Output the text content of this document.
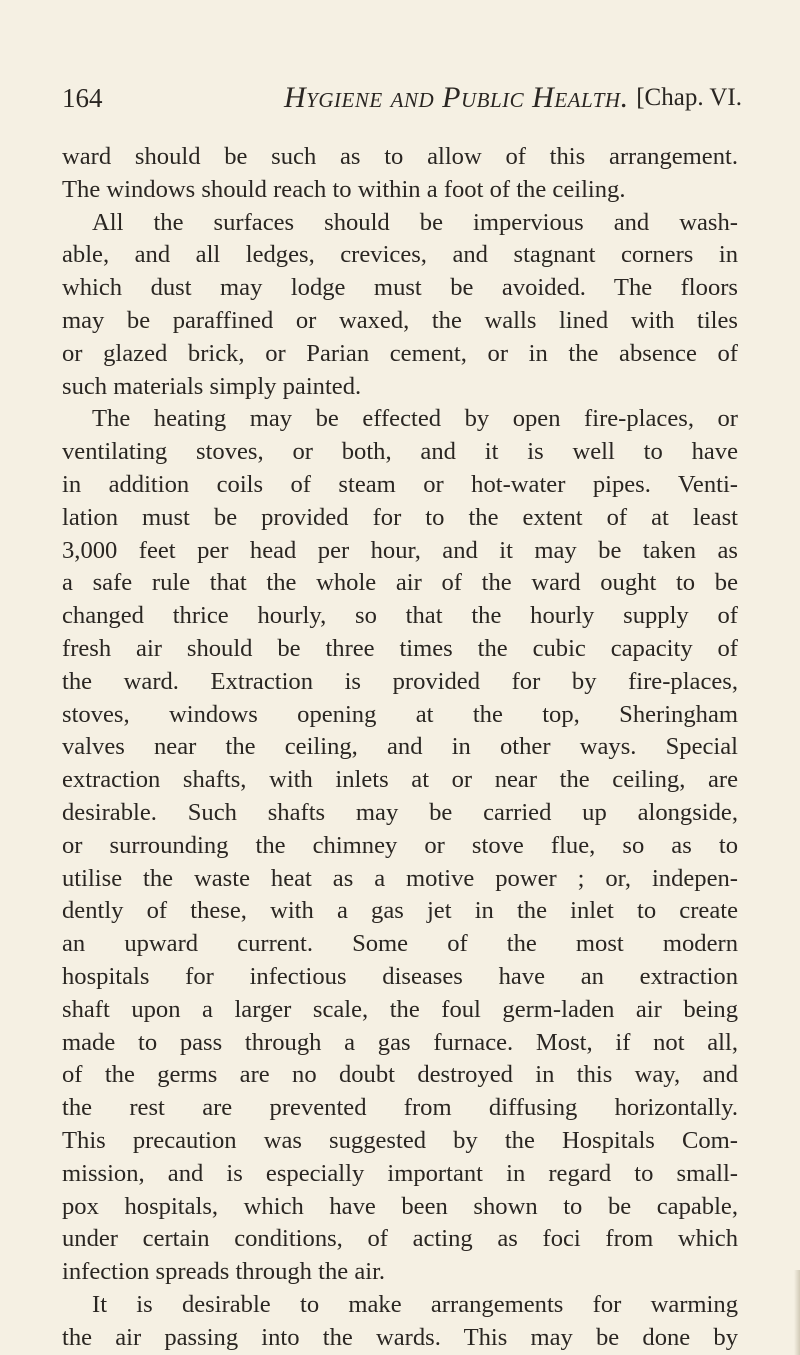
164	Hygiene and Public Health. [Chap. VI.
ward should be such as to allow of this arrangement.
The windows should reach to within a foot of the ceiling.
All the surfaces should be impervious and wash-
able, and all ledges, crevices, and stagnant corners in
which dust may lodge must be avoided. The floors
may be paraffined or waxed, the walls lined with tiles
or glazed brick, or Parian cement, or in the absence of
such materials simply painted.
The heating may be effected by open fire-places, or
ventilating stoves, or both, and it is well to have
in addition coils of steam or hot-water pipes. Venti-
lation must be provided for to the extent of at least
3,000 feet per head per hour, and it may be taken as
a safe rule that the whole air of the ward ought to be
changed thrice hourly, so that the hourly supply of
fresh air should be three times the cubic capacity of
the ward. Extraction is provided for by fire-places,
stoves, windows opening at the top, Sheringham
valves near the ceiling, and in other ways. Special
extraction shafts, with inlets at or near the ceiling, are
desirable. Such shafts may be carried up alongside,
or surrounding the chimney or stove flue, so as to
utilise the waste heat as a motive power ; or, indepen-
dently of these, with a gas jet in the inlet to create
an upward current. Some of the most modern
hospitals for infectious diseases have an extraction
shaft upon a larger scale, the foul germ-laden air being
made to pass through a gas furnace. Most, if not all,
of the germs are no doubt destroyed in this way, and
the rest are prevented from diffusing horizontally.
This precaution was suggested by the Hospitals Com-
mission, and is especially important in regard to small-
pox hospitals, which have been shown to be capable,
under certain conditions, of acting as foci from which
infection spreads through the air.
It is desirable to make arrangements for warming
the air passing into the wards. This may be done by
